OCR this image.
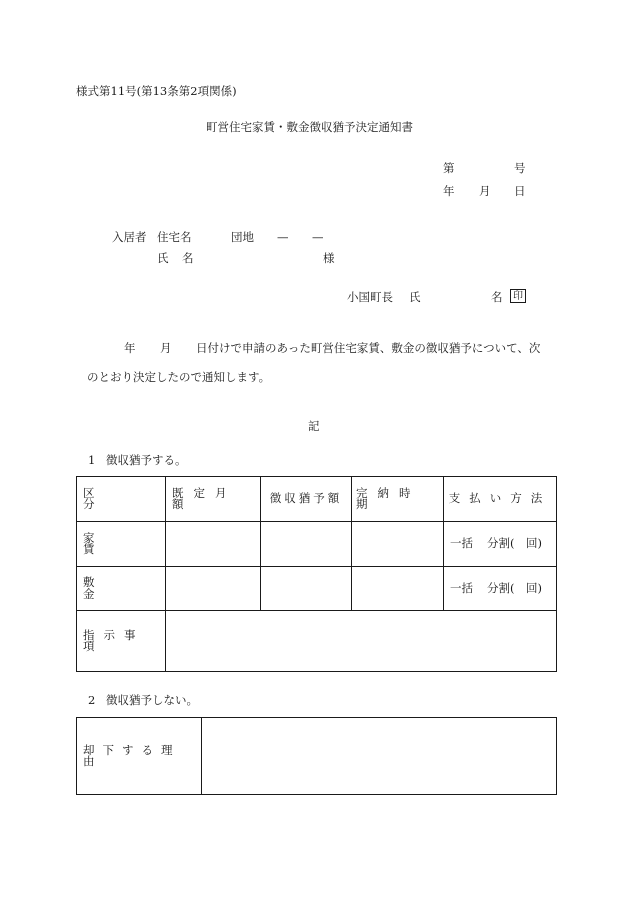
様式第11号(第13条第2項関係)
町営住宅家賃・敷金徴収猶予決定通知書
第	号
年 月 日
入居者 住宅名	団地 — —
氏 名	様
小国町長 氏	名	印
年 月 日付けで申請のあった町営住宅家賃、敷金の徴収猶予について、次
のとおり決定したので通知します。
記
1 徴収猶予する。
区分	既定月額	徴収猶予額	完納時期	支払い方法

家賃				一括 分割(　回)

敷金				一括 分割(　回)

指示事項				

2 徴収猶予しない。
却下する理由
